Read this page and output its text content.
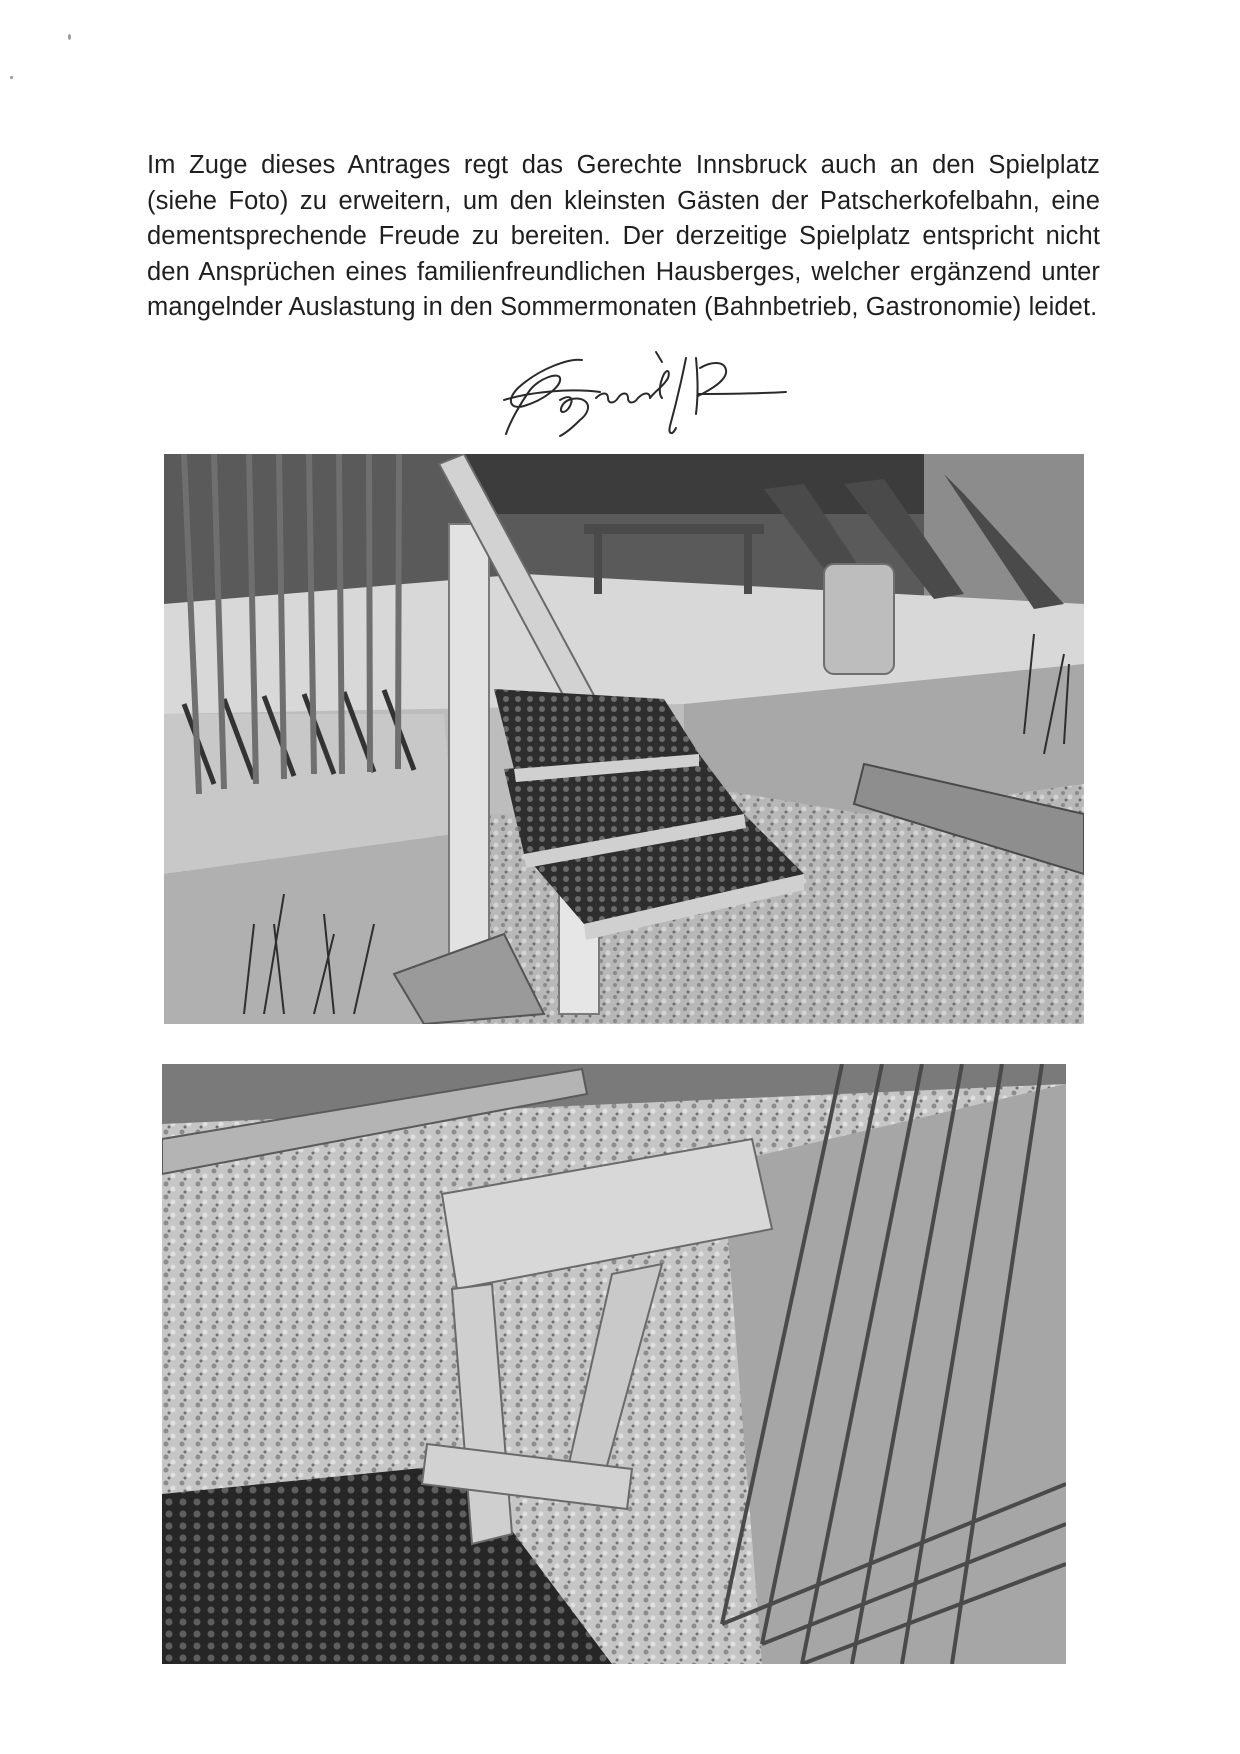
Im Zuge dieses Antrages regt das Gerechte Innsbruck auch an den Spielplatz (siehe Foto) zu erweitern, um den kleinsten Gästen der Patscherkofelbahn, eine dementsprechende Freude zu bereiten. Der derzeitige Spielplatz entspricht nicht den Ansprüchen eines familienfreundlichen Hausberges, welcher ergänzend unter mangelnder Auslastung in den Sommermonaten (Bahnbetrieb, Gastronomie) leidet.
